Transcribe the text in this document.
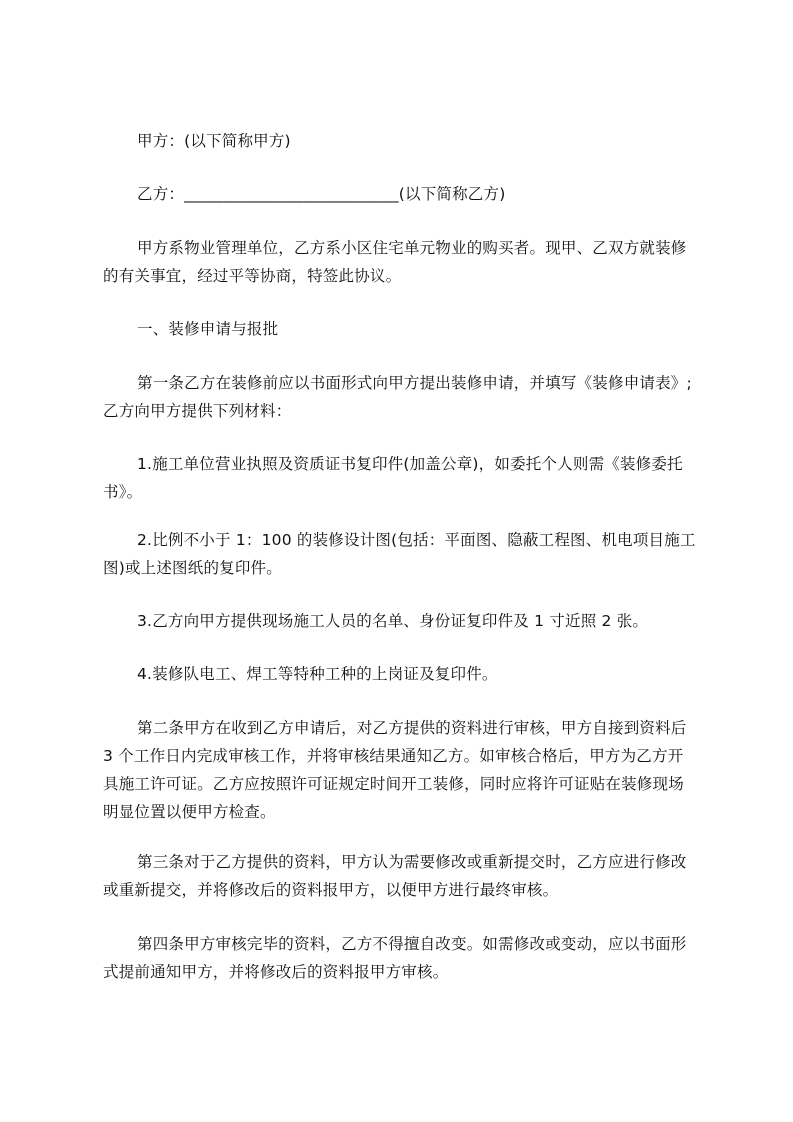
甲方：(以下简称甲方)

乙方：___________________________(以下简称乙方)

甲方系物业管理单位，乙方系小区住宅单元物业的购买者。现甲、乙双方就装修
的有关事宜，经过平等协商，特签此协议。

一、装修申请与报批

第一条乙方在装修前应以书面形式向甲方提出装修申请，并填写《装修申请表》;
乙方向甲方提供下列材料：
1.施工单位营业执照及资质证书复印件(加盖公章)，如委托个人则需《装修委托
书》。
2.比例不小于 1：100 的装修设计图(包括：平面图、隐蔽工程图、机电项目施工
图)或上述图纸的复印件。

3.乙方向甲方提供现场施工人员的名单、身份证复印件及 1 寸近照 2 张。

4.装修队电工、焊工等特种工种的上岗证及复印件。

第二条甲方在收到乙方申请后，对乙方提供的资料进行审核，甲方自接到资料后
3 个工作日内完成审核工作，并将审核结果通知乙方。如审核合格后，甲方为乙方开
具施工许可证。乙方应按照许可证规定时间开工装修，同时应将许可证贴在装修现场
明显位置以便甲方检查。
第三条对于乙方提供的资料，甲方认为需要修改或重新提交时，乙方应进行修改
或重新提交，并将修改后的资料报甲方，以便甲方进行最终审核。
第四条甲方审核完毕的资料，乙方不得擅自改变。如需修改或变动，应以书面形
式提前通知甲方，并将修改后的资料报甲方审核。
